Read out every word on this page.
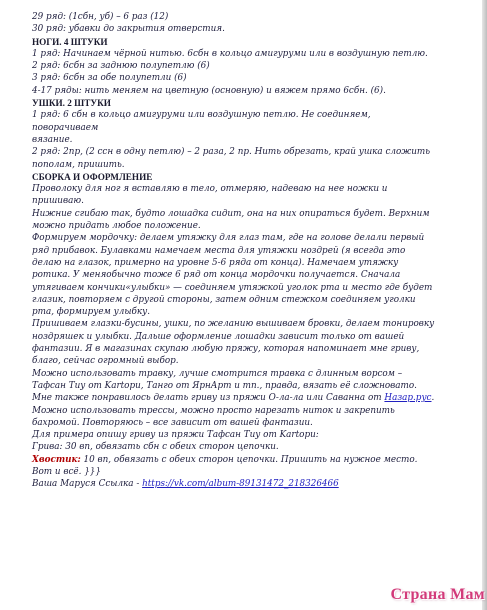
29 ряд: (1сбн, уб) – 6 раз (12)

30 ряд: убавки до закрытия отверстия.

НОГИ. 4 ШТУКИ

1 ряд: Начинаем чёрной нитью. 6сбн в кольцо амигуруми или в воздушную петлю.

2 ряд: 6сбн за заднюю полупетлю (6)

3 ряд: 6сбн за обе полупетли (6)

4-17 ряды: нить меняем на цветную (основную) и вяжем прямо 6сбн. (6).

УШКИ. 2 ШТУКИ

1 ряд: 6 сбн в кольцо амигуруми или воздушную петлю. Не соединяем,

поворачиваем

вязание.

2 ряд: 2пр, (2 ссн в одну петлю) – 2 раза, 2 пр. Нить обрезать, край ушка сложить

пополам, пришить.

СБОРКА И ОФОРМЛЕНИЕ

Проволоку для ног я вставляю в тело, отмеряю, надеваю на нее ножки и

пришиваю.

Нижние сгибаю так, будто лошадка сидит, она на них опираться будет. Верхним

можно придать любое положение.

Формируем мордочку: делаем утяжку для глаз там, где на голове делали первый

ряд прибавок. Булавками намечаем места для утяжки ноздрей (я всегда это

делаю на глазок, примерно на уровне 5-6 ряда от конца). Намечаем утяжку

ротика. У меняобычно тоже 6 ряд от конца мордочки получается. Сначала

утягиваем кончики«улыбки» — соединяем утяжкой уголок рта и место где будет

глазик, повторяем с другой стороны, затем одним стежком соединяем уголки

рта, формируем улыбку.

Пришиваем глазки-бусины, ушки, по желанию вышиваем бровки, делаем тонировку

ноздряшек и улыбки. Дальше оформление лошадки зависит только от вашей

фантазии. Я в магазинах скупаю любую пряжу, которая напоминает мне гриву,

благо, сейчас огромный выбор.

Можно использовать травку, лучше смотрится травка с длинным ворсом –

Тафсан Тиу от Kartopu, Танго от ЯрнАрт и тп., правда, вязать её сложновато.

Мне также понравилось делать гриву из пряжи О-ла-ла или Саванна от Назар.рус.

Можно использовать трессы, можно просто нарезать ниток и закрепить

бахромой. Повторяюсь – все зависит от вашей фантазии.

Для примера опишу гриву из пряжи Тафсан Тиу от Kartopu:

Грива: 30 вп, обвязать сбн с обеих сторон цепочки.

Хвостик: 10 вп, обвязать с обеих сторон цепочки. Пришить на нужное место.

Вот и всё. }}}

Ваша Маруся Ссылка - https://vk.com/album-89131472_218326466

Страна Мам
